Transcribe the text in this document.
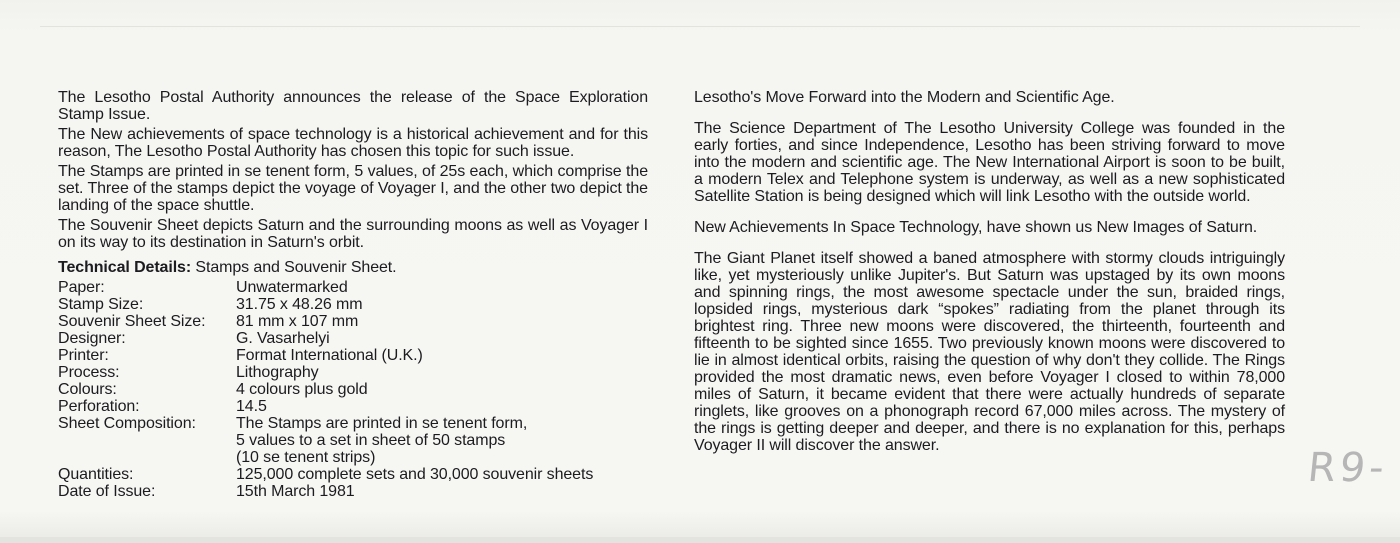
The Lesotho Postal Authority announces the release of the Space Exploration Stamp Issue.

The New achievements of space technology is a historical achievement and for this reason, The Lesotho Postal Authority has chosen this topic for such issue.

The Stamps are printed in se tenent form, 5 values, of 25s each, which comprise the set. Three of the stamps depict the voyage of Voyager I, and the other two depict the landing of the space shuttle.

The Souvenir Sheet depicts Saturn and the surrounding moons as well as Voyager I on its way to its destination in Saturn's orbit.

Technical Details: Stamps and Souvenir Sheet.
Paper:	Unwatermarked
Stamp Size:	31.75 x 48.26 mm
Souvenir Sheet Size:	81 mm x 107 mm
Designer:	G. Vasarhelyi
Printer:	Format International (U.K.)
Process:	Lithography
Colours:	4 colours plus gold
Perforation:	14.5
Sheet Composition:	The Stamps are printed in se tenent form,
5 values to a set in sheet of 50 stamps
(10 se tenent strips)
Quantities:	125,000 complete sets and 30,000 souvenir sheets
Date of Issue:	15th March 1981

Lesotho's Move Forward into the Modern and Scientific Age.

The Science Department of The Lesotho University College was founded in the early forties, and since Independence, Lesotho has been striving forward to move into the modern and scientific age. The New International Airport is soon to be built, a modern Telex and Telephone system is underway, as well as a new sophisticated Satellite Station is being designed which will link Lesotho with the outside world.

New Achievements In Space Technology, have shown us New Images of Saturn.

The Giant Planet itself showed a baned atmosphere with stormy clouds intriguingly like, yet mysteriously unlike Jupiter's. But Saturn was upstaged by its own moons and spinning rings, the most awesome spectacle under the sun, braided rings, lopsided rings, mysterious dark “spokes” radiating from the planet through its brightest ring. Three new moons were discovered, the thirteenth, fourteenth and fifteenth to be sighted since 1655. Two previously known moons were discovered to lie in almost identical orbits, raising the question of why don't they collide. The Rings provided the most dramatic news, even before Voyager I closed to within 78,000 miles of Saturn, it became evident that there were actually hundreds of separate ringlets, like grooves on a phonograph record 67,000 miles across. The mystery of the rings is getting deeper and deeper, and there is no explanation for this, perhaps Voyager II will discover the answer.	R9-
